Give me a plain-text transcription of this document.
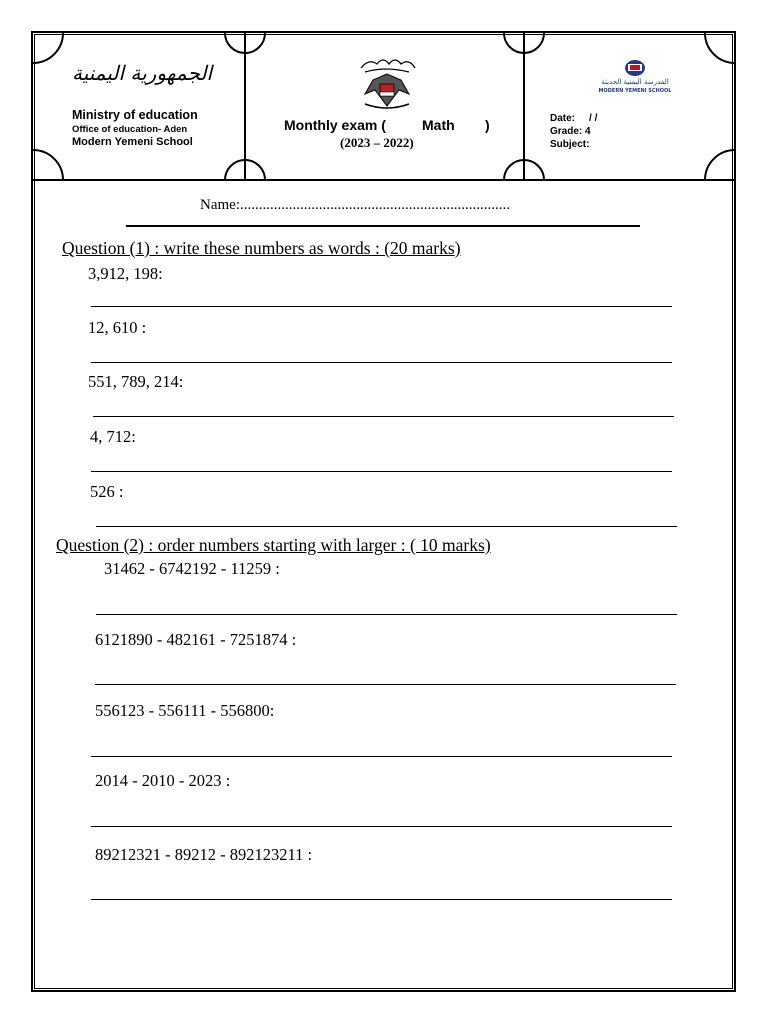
الجمهورية اليمنية
Ministry of education
Office of education- Aden
Modern Yemeni School
Monthly exam (	Math )
(2023 – 2022)
المدرسة اليمنية الحديثة
MODERN YEMENI SCHOOL
Date: / /
Grade: 4
Subject:
Name:........................................................................
Question (1) : write these numbers as words : (20 marks)
3,912, 198:
12, 610 :
551, 789, 214:
4, 712:
526 :
Question (2) : order numbers starting with larger : ( 10 marks)
31462 - 6742192 - 11259 :
6121890 - 482161 - 7251874 :
556123 - 556111 - 556800:
2014 - 2010 - 2023 :
89212321 - 89212 - 892123211 :
